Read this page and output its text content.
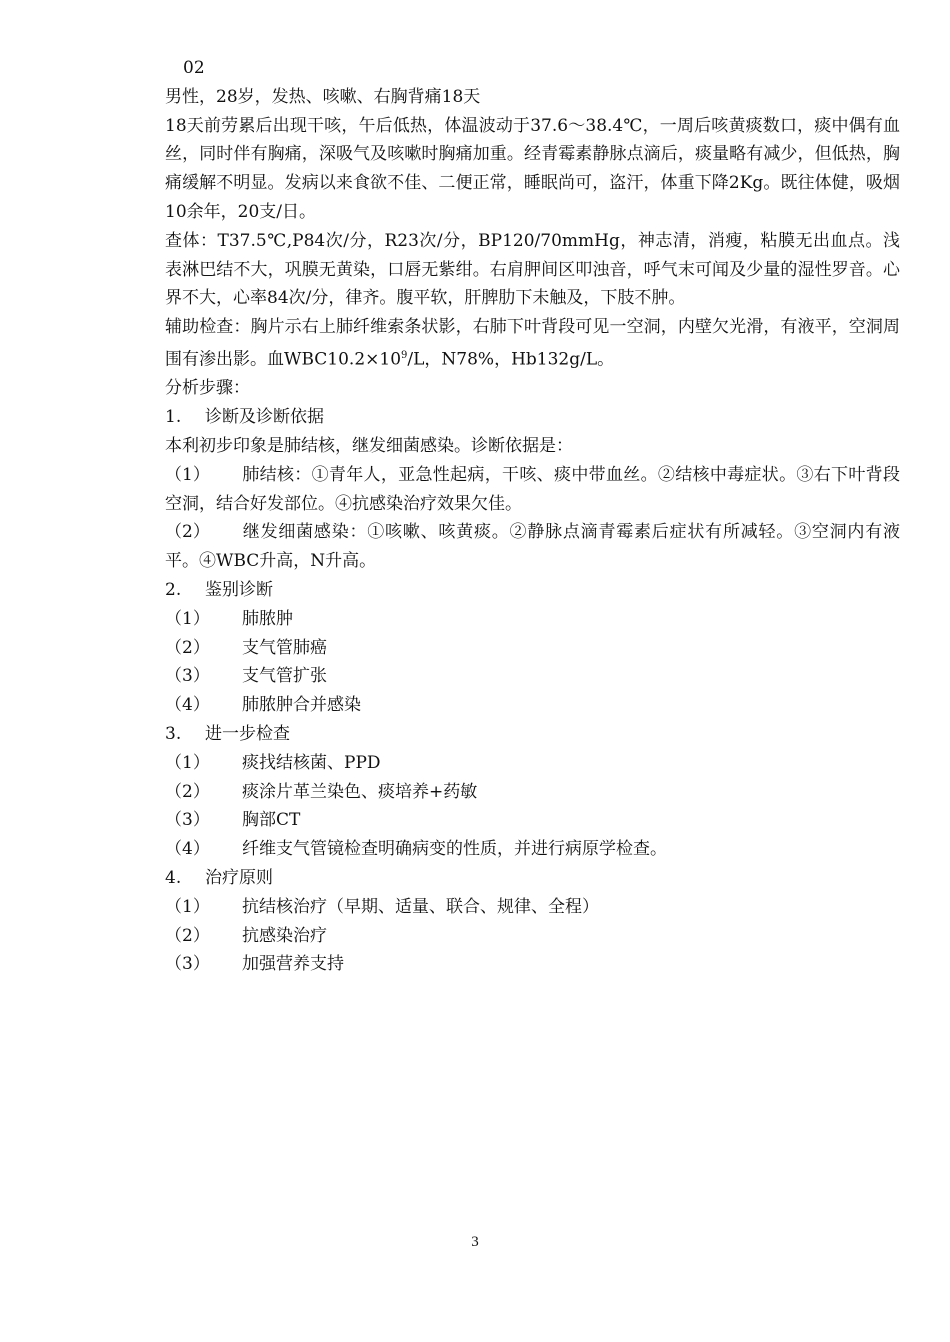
02
男性，28岁，发热、咳嗽、右胸背痛18天
18天前劳累后出现干咳，午后低热，体温波动于37.6～38.4℃，一周后咳黄痰数口，痰中偶有血丝，同时伴有胸痛，深吸气及咳嗽时胸痛加重。经青霉素静脉点滴后，痰量略有减少，但低热，胸痛缓解不明显。发病以来食欲不佳、二便正常，睡眠尚可，盗汗，体重下降2Kg。既往体健，吸烟10余年，20支/日。
查体：T37.5℃,P84次/分，R23次/分，BP120/70mmHg，神志清，消瘦，粘膜无出血点。浅表淋巴结不大，巩膜无黄染，口唇无紫绀。右肩胛间区叩浊音，呼气末可闻及少量的湿性罗音。心界不大，心率84次/分，律齐。腹平软，肝脾肋下未触及，下肢不肿。
辅助检查：胸片示右上肺纤维索条状影，右肺下叶背段可见一空洞，内壁欠光滑，有液平，空洞周围有渗出影。血$WBC10.2\times 10^9/L$，N78%，Hb132g/L。
分析步骤：
1.	诊断及诊断依据
本利初步印象是肺结核，继发细菌感染。诊断依据是：
（1） 肺结核：①青年人，亚急性起病，干咳、痰中带血丝。②结核中毒症状。③右下叶背段空洞，结合好发部位。④抗感染治疗效果欠佳。
（2） 继发细菌感染：①咳嗽、咳黄痰。②静脉点滴青霉素后症状有所减轻。③空洞内有液平。④WBC升高，N升高。
2.	鉴别诊断
（1）	肺脓肿
（2）	支气管肺癌
（3）	支气管扩张
（4）	肺脓肿合并感染
3.	进一步检查
（1）	痰找结核菌、PPD
（2）	痰涂片革兰染色、痰培养+药敏
（3）	胸部CT
（4）	纤维支气管镜检查明确病变的性质，并进行病原学检查。
4.	治疗原则
（1）	抗结核治疗（早期、适量、联合、规律、全程）
（2）	抗感染治疗
（3）	加强营养支持
3
